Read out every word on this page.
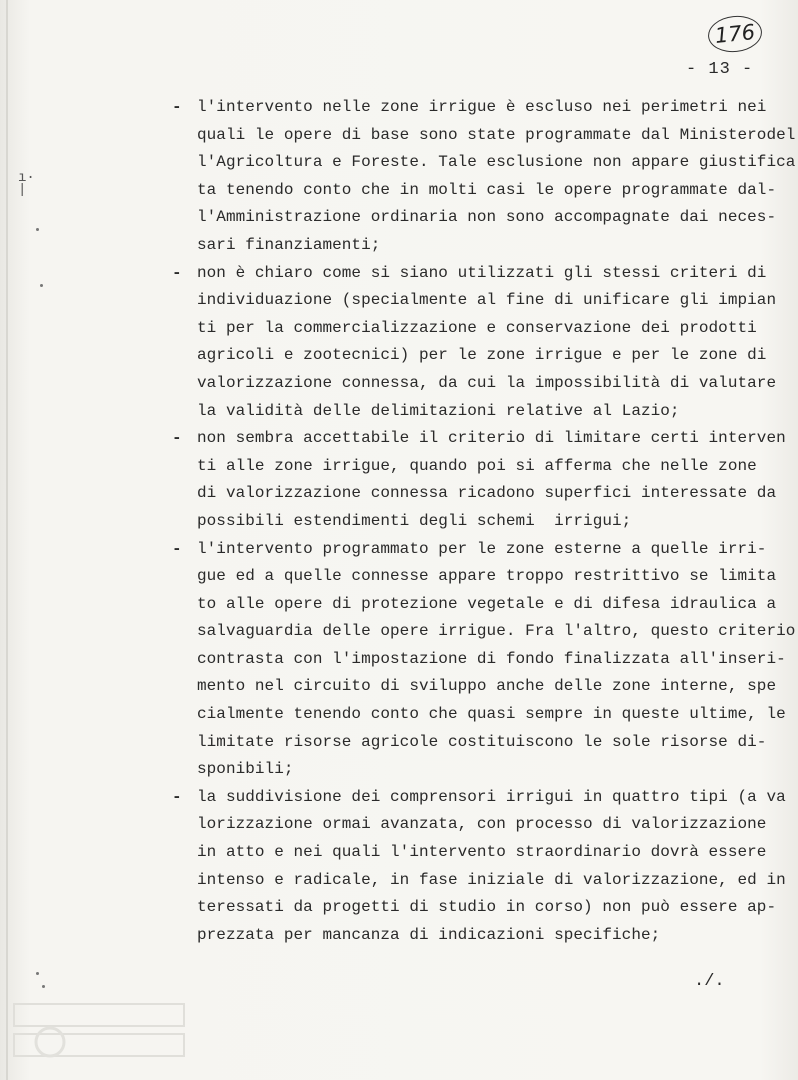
ı·
|
176
- 13 -
- l'intervento nelle zone irrigue è escluso nei perimetri nei
quali le opere di base sono state programmate dal Ministerodel
l'Agricoltura e Foreste. Tale esclusione non appare giustifica
ta tenendo conto che in molti casi le opere programmate dal-
l'Amministrazione ordinaria non sono accompagnate dai neces-
sari finanziamenti;
- non è chiaro come si siano utilizzati gli stessi criteri di
individuazione (specialmente al fine di unificare gli impian
ti per la commercializzazione e conservazione dei prodotti
agricoli e zootecnici) per le zone irrigue e per le zone di
valorizzazione connessa, da cui la impossibilità di valutare
la validità delle delimitazioni relative al Lazio;
- non sembra accettabile il criterio di limitare certi interven
ti alle zone irrigue, quando poi si afferma che nelle zone
di valorizzazione connessa ricadono superfici interessate da
possibili estendimenti degli schemi  irrigui;
- l'intervento programmato per le zone esterne a quelle irri-
gue ed a quelle connesse appare troppo restrittivo se limita
to alle opere di protezione vegetale e di difesa idraulica a
salvaguardia delle opere irrigue. Fra l'altro, questo criterio
contrasta con l'impostazione di fondo finalizzata all'inseri-
mento nel circuito di sviluppo anche delle zone interne, spe
cialmente tenendo conto che quasi sempre in queste ultime, le
limitate risorse agricole costituiscono le sole risorse di-
sponibili;
- la suddivisione dei comprensori irrigui in quattro tipi (a va
lorizzazione ormai avanzata, con processo di valorizzazione
in atto e nei quali l'intervento straordinario dovrà essere
intenso e radicale, in fase iniziale di valorizzazione, ed in
teressati da progetti di studio in corso) non può essere ap-
prezzata per mancanza di indicazioni specifiche;
./.
